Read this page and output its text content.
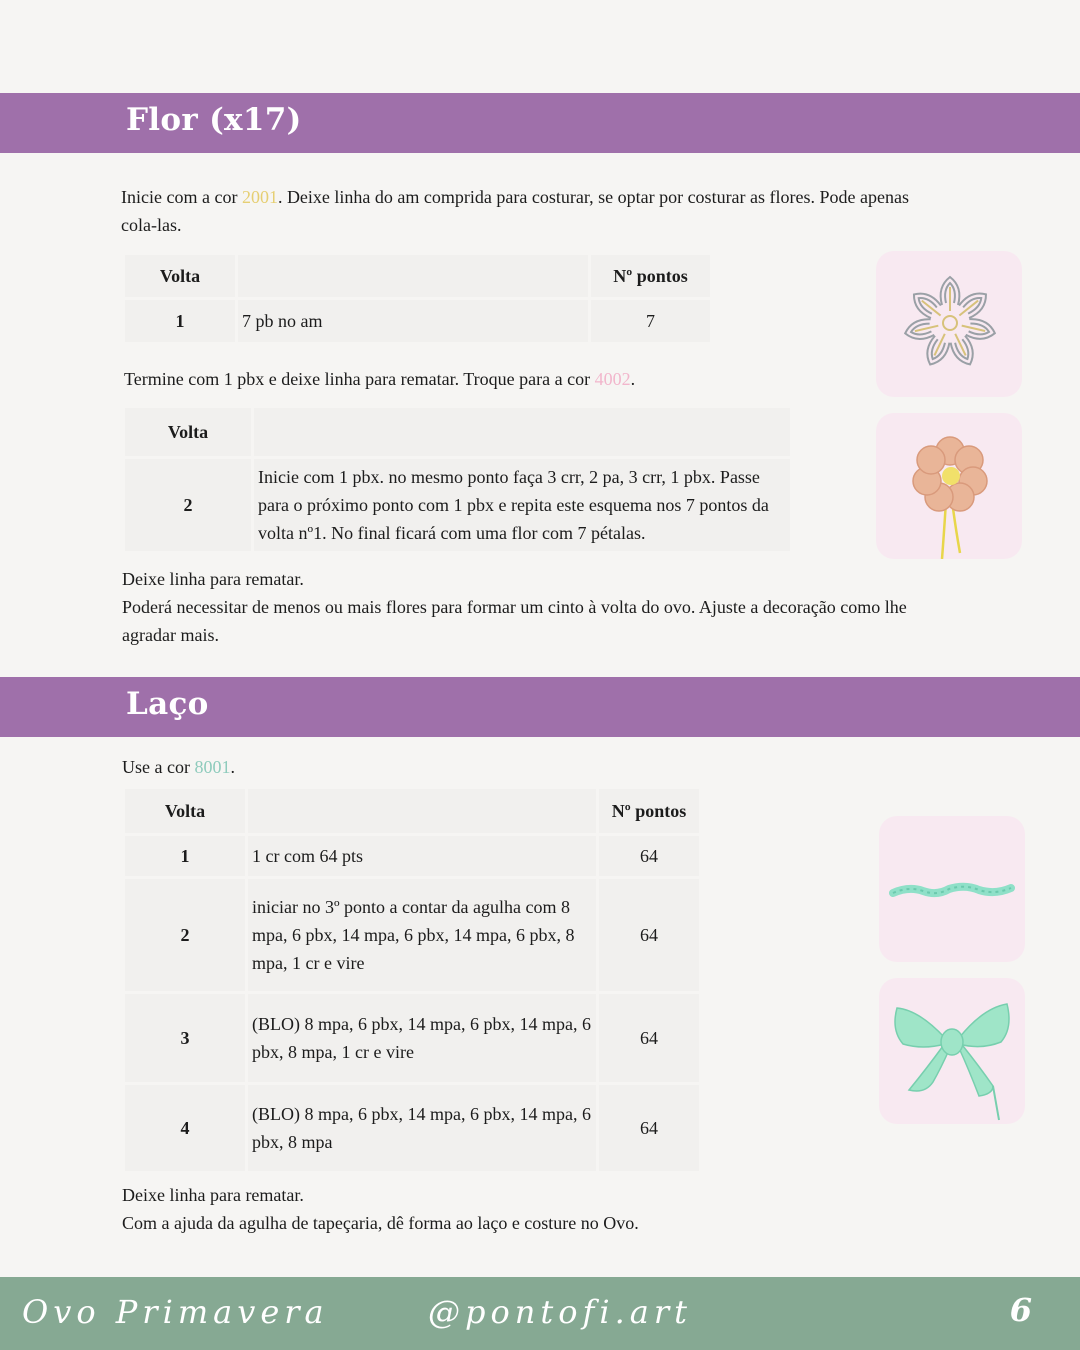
Flor (x17)
Inicie com a cor 2001. Deixe linha do am comprida para costurar, se optar por costurar as flores. Pode apenas cola-las.
Volta		Nº pontos
1	7 pb no am	7
Termine com 1 pbx e deixe linha para rematar. Troque para a cor 4002.
Volta	
2	Inicie com 1 pbx. no mesmo ponto faça 3 crr, 2 pa, 3 crr, 1 pbx. Passe para o próximo ponto com 1 pbx e repita este esquema nos 7 pontos da volta nº1. No final ficará com uma flor com 7 pétalas.
Deixe linha para rematar.
Poderá necessitar de menos ou mais flores para formar um cinto à volta do ovo. Ajuste a decoração como lhe agradar mais.
Laço
Use a cor 8001.
Volta		Nº pontos
1	1 cr com 64 pts	64
2	iniciar no 3º ponto a contar da agulha com 8 mpa, 6 pbx, 14 mpa, 6 pbx, 14 mpa, 6 pbx, 8 mpa, 1 cr e vire	64
3	(BLO) 8 mpa, 6 pbx, 14 mpa, 6 pbx, 14 mpa, 6 pbx, 8 mpa, 1 cr e vire	64
4	(BLO) 8 mpa, 6 pbx, 14 mpa, 6 pbx, 14 mpa, 6 pbx, 8 mpa	64
Deixe linha para rematar.
Com a ajuda da agulha de tapeçaria, dê forma ao laço e costure no Ovo.
Ovo Primavera	@pontofi.art	6
